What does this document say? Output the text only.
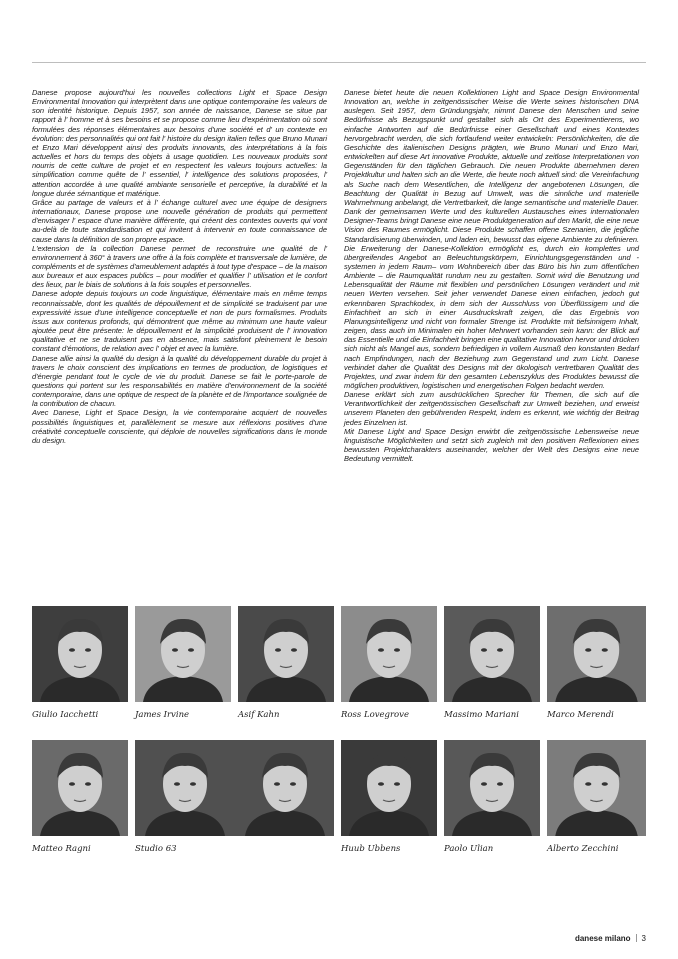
Danese propose aujourd'hui les nouvelles collections Light et Space Design Environmental Innovation qui interprètent dans une optique contemporaine les valeurs de son identité historique. Depuis 1957, son année de naissance, Danese se situe par rapport à l' homme et à ses besoins et se propose comme lieu d'expérimentation où sont formulées des réponses élémentaires aux besoins d'une société et d' un contexte en évolution: des personnalités qui ont fait l' histoire du design italien telles que Bruno Munari et Enzo Mari développent ainsi des produits innovants, des interprétations à la fois actuelles et hors du temps des objets à usage quotidien. Les nouveaux produits sont nourris de cette culture de projet et en respectent les valeurs toujours actuelles: la simplification comme quête de l' essentiel, l' intelligence des solutions proposées, l' attention accordée à une qualité ambiante sensorielle et perceptive, la durabilité et la longue durée sémantique et matérique.

Grâce au partage de valeurs et à l' échange culturel avec une équipe de designers internationaux, Danese propose une nouvelle génération de produits qui permettent d'envisager l' espace d'une manière différente, qui créent des contextes ouverts qui vont au-delà de toute standardisation et qui invitent à intervenir en toute connaissance de cause dans la définition de son propre espace.

L'extension de la collection Danese permet de reconstruire une qualité de l' environnement à 360° à travers une offre à la fois complète et transversale de lumière, de compléments et de systèmes d'ameublement adaptés à tout type d'espace – de la maison aux bureaux et aux espaces publics – pour modifier et qualifier l' utilisation et le confort des lieux, par le biais de solutions à la fois souples et personnelles.

Danese adopte depuis toujours un code linguistique, élémentaire mais en même temps reconnaissable, dont les qualités de dépouillement et de simplicité se traduisent par une expressivité issue d'une intelligence conceptuelle et non de purs formalismes. Produits issus aux contenus profonds, qui démontrent que même au minimum une haute valeur ajoutée peut être présente: le dépouillement et la simplicité produisent de l' innovation qualitative et ne se traduisent pas en absence, mais satisfont pleinement le besoin constant d'émotions, de relation avec l' objet et avec la lumière.

Danese allie ainsi la qualité du design à la qualité du développement durable du projet à travers le choix conscient des implications en termes de production, de logistiques et d'énergie pendant tout le cycle de vie du produit. Danese se fait le porte-parole de questions qui portent sur les responsabilités en matière d'environnement de la société contemporaine, dans une optique de respect de la planète et de l'importance soulignée de la contribution de chacun.

Avec Danese, Light et Space Design, la vie contemporaine acquiert de nouvelles possibilités linguistiques et, parallèlement se mesure aux réflexions positives d'une créativité conceptuelle consciente, qui déploie de nouvelles significations dans le monde du design.

Danese bietet heute die neuen Kollektionen Light and Space Design Environmental Innovation an, welche in zeitgenössischer Weise die Werte seines historischen DNA auslegen. Seit 1957, dem Gründungsjahr, nimmt Danese den Menschen und seine Bedürfnisse als Bezugspunkt und gestaltet sich als Ort des Experimentierens, wo einfache Antworten auf die Bedürfnisse einer Gesellschaft und eines Kontextes hervorgebracht werden, die sich fortlaufend weiter entwickeln: Persönlichkeiten, die die Geschichte des italienischen Designs prägten, wie Bruno Munari und Enzo Mari, entwickelten auf diese Art innovative Produkte, aktuelle und zeitlose Interpretationen von Gegenständen für den täglichen Gebrauch. Die neuen Produkte übernehmen deren Projektkultur und halten sich an die Werte, die heute noch aktuell sind: die Vereinfachung als Suche nach dem Wesentlichen, die Intelligenz der angebotenen Lösungen, die Beachtung der Qualität in Bezug auf Umwelt, was die sinnliche und materielle Wahrnehmung anbelangt, die Vertretbarkeit, die lange semantische und materielle Dauer. Dank der gemeinsamen Werte und des kulturellen Austausches eines internationalen Designer-Teams bringt Danese eine neue Produktgeneration auf den Markt, die eine neue Vision des Raumes ermöglicht. Diese Produkte schaffen offene Szenarien, die jegliche Standardisierung überwinden, und laden ein, bewusst das eigene Ambiente zu definieren. Die Erweiterung der Danese-Kollektion ermöglicht es, durch ein komplettes und übergreifendes Angebot an Beleuchtungskörpern, Einrichtungsgegenständen und -systemen in jedem Raum– vom Wohnbereich über das Büro bis hin zum öffentlichen Ambiente – die Raumqualität rundum neu zu gestalten. Somit wird die Benutzung und Lebensqualität der Räume mit flexiblen und persönlichen Lösungen verändert und mit neuen Werten versehen. Seit jeher verwendet Danese einen einfachen, jedoch gut erkennbaren Sprachkodex, in dem sich der Ausschluss von Überflüssigem und die Einfachheit an sich in einer Ausdruckskraft zeigen, die das Ergebnis von Planungsintelligenz und nicht von formaler Strenge ist. Produkte mit tiefsinnigem Inhalt, zeigen, dass auch im Minimalen ein hoher Mehrwert vorhanden sein kann: der Blick auf das Essentielle und die Einfachheit bringen eine qualitative Innovation hervor und drücken sich nicht als Mangel aus, sondern befriedigen in vollem Ausmaß den konstanten Bedarf nach Empfindungen, nach der Beziehung zum Gegenstand und zum Licht. Danese verbindet daher die Qualität des Designs mit der ökologisch vertretbaren Qualität des Projektes, und zwar indem für den gesamten Lebenszyklus des Produktes bewusst die möglichen produktiven, logistischen und energetischen Folgen bedacht werden.

Danese erklärt sich zum ausdrücklichen Sprecher für Themen, die sich auf die Verantwortlichkeit der zeitgenössischen Gesellschaft zur Umwelt beziehen, und erweist unserem Planeten den gebührenden Respekt, indem es erkennt, wie wichtig der Beitrag jedes Einzelnen ist.

Mit Danese Light and Space Design erwirbt die zeitgenössische Lebensweise neue linguistische Möglichkeiten und setzt sich zugleich mit den positiven Reflexionen eines bewussten Projektcharakters auseinander, welcher der Welt des Designs eine neue Bedeutung vermittelt.

Giulio Iacchetti	James Irvine	Asif Kahn	Ross Lovegrove	Massimo Mariani	Marco Merendi
Matteo Ragni	Studio 63	Huub Ubbens	Paolo Ulian	Alberto Zecchini
danese milano 3
